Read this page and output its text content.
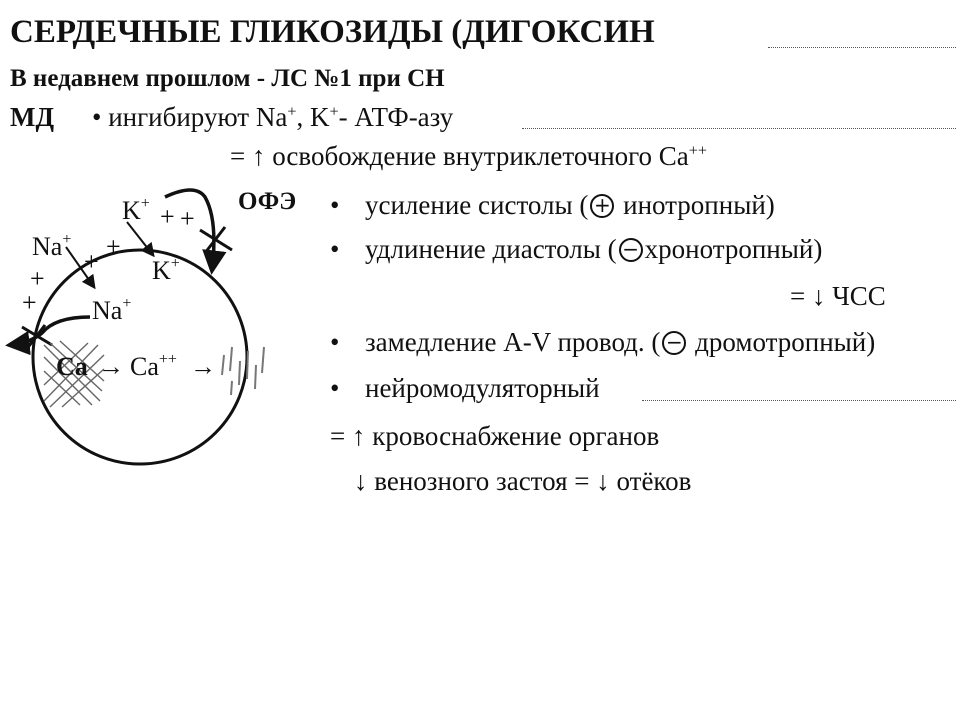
СЕРДЕЧНЫЕ ГЛИКОЗИДЫ (ДИГОКСИН
В недавнем прошлом - ЛС №1 при СН
МД • ингибируют Na+, K+- АТФ-азу
= ↑ освобождение внутриклеточного Ca++
ОФЭ • усиление систолы ( + инотропный)
• удлинение диастолы ( − хронотропный)
= ↓ ЧСС
• замедление A-V провод. ( − дромотропный)
• нейромодуляторный
= ↑ кровоснабжение органов
↓ венозного застоя = ↓ отёков
K+ + +
Na+
+
+
+
+
K+
Na+
Ca → Ca++ →
